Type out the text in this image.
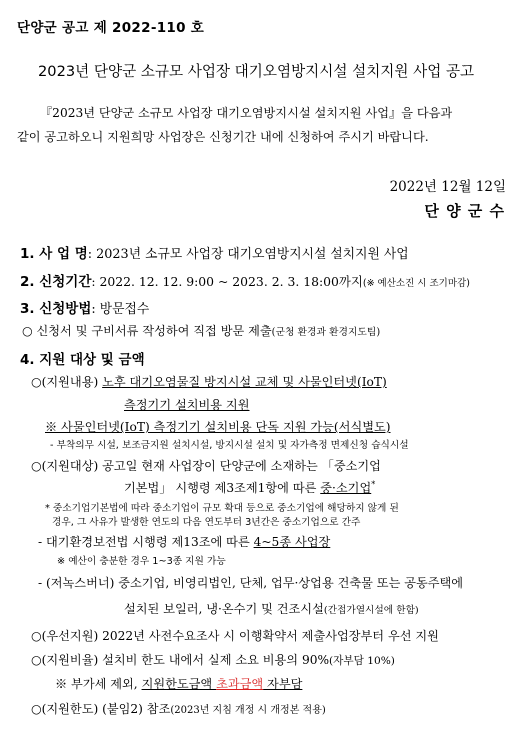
단양군 공고 제 2022-110 호
2023년 단양군 소규모 사업장 대기오염방지시설 설치지원 사업 공고
『2023년 단양군 소규모 사업장 대기오염방지시설 설치지원 사업』을 다음과
같이 공고하오니 지원희망 사업장은 신청기간 내에 신청하여 주시기 바랍니다.
2022년 12월 12일
단 양 군 수
1. 사 업 명: 2023년 소규모 사업장 대기오염방지시설 설치지원 사업
2. 신청기간: 2022. 12. 12. 9:00 ~ 2023. 2. 3. 18:00까지(※ 예산소진 시 조기마감)
3. 신청방법: 방문접수
○ 신청서 및 구비서류 작성하여 직접 방문 제출(군청 환경과 환경지도팀)
4. 지원 대상 및 금액
○(지원내용) 노후 대기오염물질 방지시설 교체 및 사물인터넷(IoT)
측정기기 설치비용 지원
※ 사물인터넷(IoT) 측정기기 설치비용 단독 지원 가능(서식별도)
- 부착의무 시설, 보조금지원 설치시설, 방지시설 설치 및 자가측정 면제신청 습식시설
○(지원대상) 공고일 현재 사업장이 단양군에 소재하는 「중소기업
기본법」 시행령 제3조제1항에 따른 중·소기업*
* 중소기업기본법에 따라 중소기업이 규모 확대 등으로 중소기업에 해당하지 않게 된
경우, 그 사유가 발생한 연도의 다음 연도부터 3년간은 중소기업으로 간주
- 대기환경보전법 시행령 제13조에 따른 4~5종 사업장
※ 예산이 충분한 경우 1~3종 지원 가능
- (저녹스버너) 중소기업, 비영리법인, 단체, 업무·상업용 건축물 또는 공동주택에
설치된 보일러, 냉·온수기 및 건조시설(간접가열시설에 한함)
○(우선지원) 2022년 사전수요조사 시 이행확약서 제출사업장부터 우선 지원
○(지원비율) 설치비 한도 내에서 실제 소요 비용의 90%(자부담 10%)
※ 부가세 제외, 지원한도금액 초과금액 자부담
○(지원한도) (붙임2) 참조(2023년 지침 개정 시 개정본 적용)
